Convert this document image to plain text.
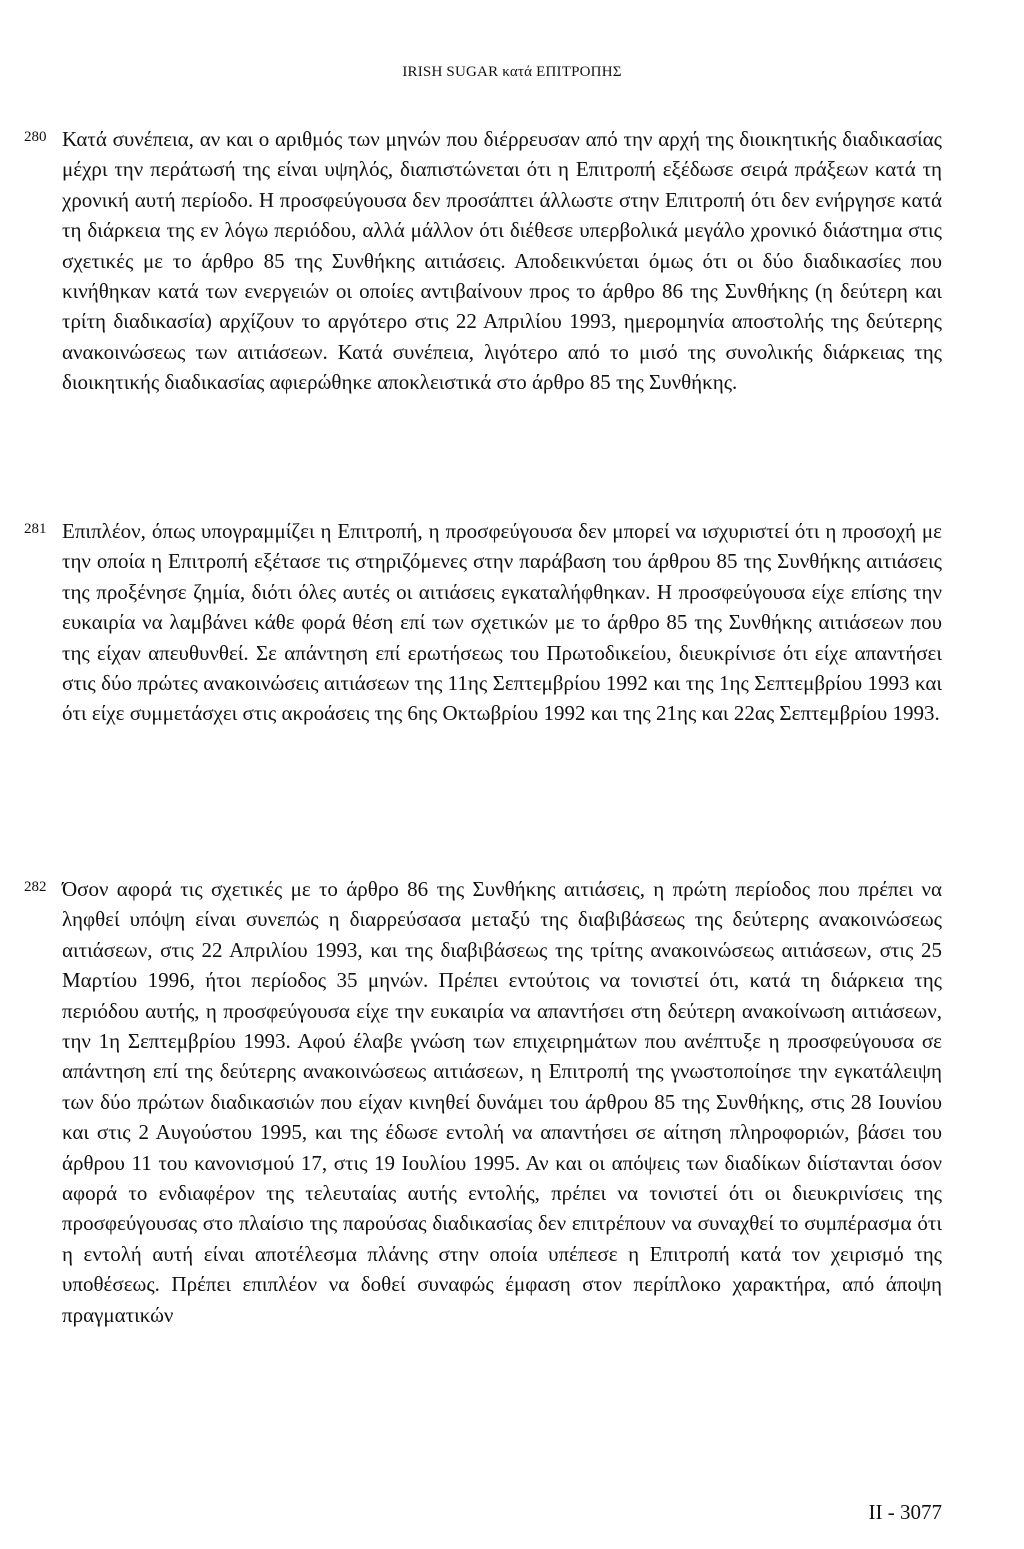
IRISH SUGAR κατά ΕΠΙΤΡΟΠΗΣ
280 Κατά συνέπεια, αν και ο αριθμός των μηνών που διέρρευσαν από την αρχή της διοικητικής διαδικασίας μέχρι την περάτωσή της είναι υψηλός, διαπιστώνεται ότι η Επιτροπή εξέδωσε σειρά πράξεων κατά τη χρονική αυτή περίοδο. Η προσφεύγουσα δεν προσάπτει άλλωστε στην Επιτροπή ότι δεν ενήργησε κατά τη διάρκεια της εν λόγω περιόδου, αλλά μάλλον ότι διέθεσε υπερβολικά μεγάλο χρονικό διάστημα στις σχετικές με το άρθρο 85 της Συνθήκης αιτιάσεις. Αποδεικνύεται όμως ότι οι δύο διαδικασίες που κινήθηκαν κατά των ενεργειών οι οποίες αντιβαίνουν προς το άρθρο 86 της Συνθήκης (η δεύτερη και τρίτη διαδικασία) αρχίζουν το αργότερο στις 22 Απριλίου 1993, ημερομηνία αποστολής της δεύτερης ανακοινώσεως των αιτιάσεων. Κατά συνέπεια, λιγότερο από το μισό της συνολικής διάρκειας της διοικητικής διαδικασίας αφιερώθηκε αποκλειστικά στο άρθρο 85 της Συνθήκης.

281 Επιπλέον, όπως υπογραμμίζει η Επιτροπή, η προσφεύγουσα δεν μπορεί να ισχυριστεί ότι η προσοχή με την οποία η Επιτροπή εξέτασε τις στηριζόμενες στην παράβαση του άρθρου 85 της Συνθήκης αιτιάσεις της προξένησε ζημία, διότι όλες αυτές οι αιτιάσεις εγκαταλήφθηκαν. Η προσφεύγουσα είχε επίσης την ευκαιρία να λαμβάνει κάθε φορά θέση επί των σχετικών με το άρθρο 85 της Συνθήκης αιτιάσεων που της είχαν απευθυνθεί. Σε απάντηση επί ερωτήσεως του Πρωτοδικείου, διευκρίνισε ότι είχε απαντήσει στις δύο πρώτες ανακοινώσεις αιτιάσεων της 11ης Σεπτεμβρίου 1992 και της 1ης Σεπτεμβρίου 1993 και ότι είχε συμμετάσχει στις ακροάσεις της 6ης Οκτωβρίου 1992 και της 21ης και 22ας Σεπτεμβρίου 1993.

282 Όσον αφορά τις σχετικές με το άρθρο 86 της Συνθήκης αιτιάσεις, η πρώτη περίοδος που πρέπει να ληφθεί υπόψη είναι συνεπώς η διαρρεύσασα μεταξύ της διαβιβάσεως της δεύτερης ανακοινώσεως αιτιάσεων, στις 22 Απριλίου 1993, και της διαβιβάσεως της τρίτης ανακοινώσεως αιτιάσεων, στις 25 Μαρτίου 1996, ήτοι περίοδος 35 μηνών. Πρέπει εντούτοις να τονιστεί ότι, κατά τη διάρκεια της περιόδου αυτής, η προσφεύγουσα είχε την ευκαιρία να απαντήσει στη δεύτερη ανακοίνωση αιτιάσεων, την 1η Σεπτεμβρίου 1993. Αφού έλαβε γνώση των επιχειρημάτων που ανέπτυξε η προσφεύγουσα σε απάντηση επί της δεύτερης ανακοινώσεως αιτιάσεων, η Επιτροπή της γνωστοποίησε την εγκατάλειψη των δύο πρώτων διαδικασιών που είχαν κινηθεί δυνάμει του άρθρου 85 της Συνθήκης, στις 28 Ιουνίου και στις 2 Αυγούστου 1995, και της έδωσε εντολή να απαντήσει σε αίτηση πληροφοριών, βάσει του άρθρου 11 του κανονισμού 17, στις 19 Ιουλίου 1995. Αν και οι απόψεις των διαδίκων διίστανται όσον αφορά το ενδιαφέρον της τελευταίας αυτής εντολής, πρέπει να τονιστεί ότι οι διευκρινίσεις της προσφεύγουσας στο πλαίσιο της παρούσας διαδικασίας δεν επιτρέπουν να συναχθεί το συμπέρασμα ότι η εντολή αυτή είναι αποτέλεσμα πλάνης στην οποία υπέπεσε η Επιτροπή κατά τον χειρισμό της υποθέσεως. Πρέπει επιπλέον να δοθεί συναφώς έμφαση στον περίπλοκο χαρακτήρα, από άποψη πραγματικών

II - 3077
